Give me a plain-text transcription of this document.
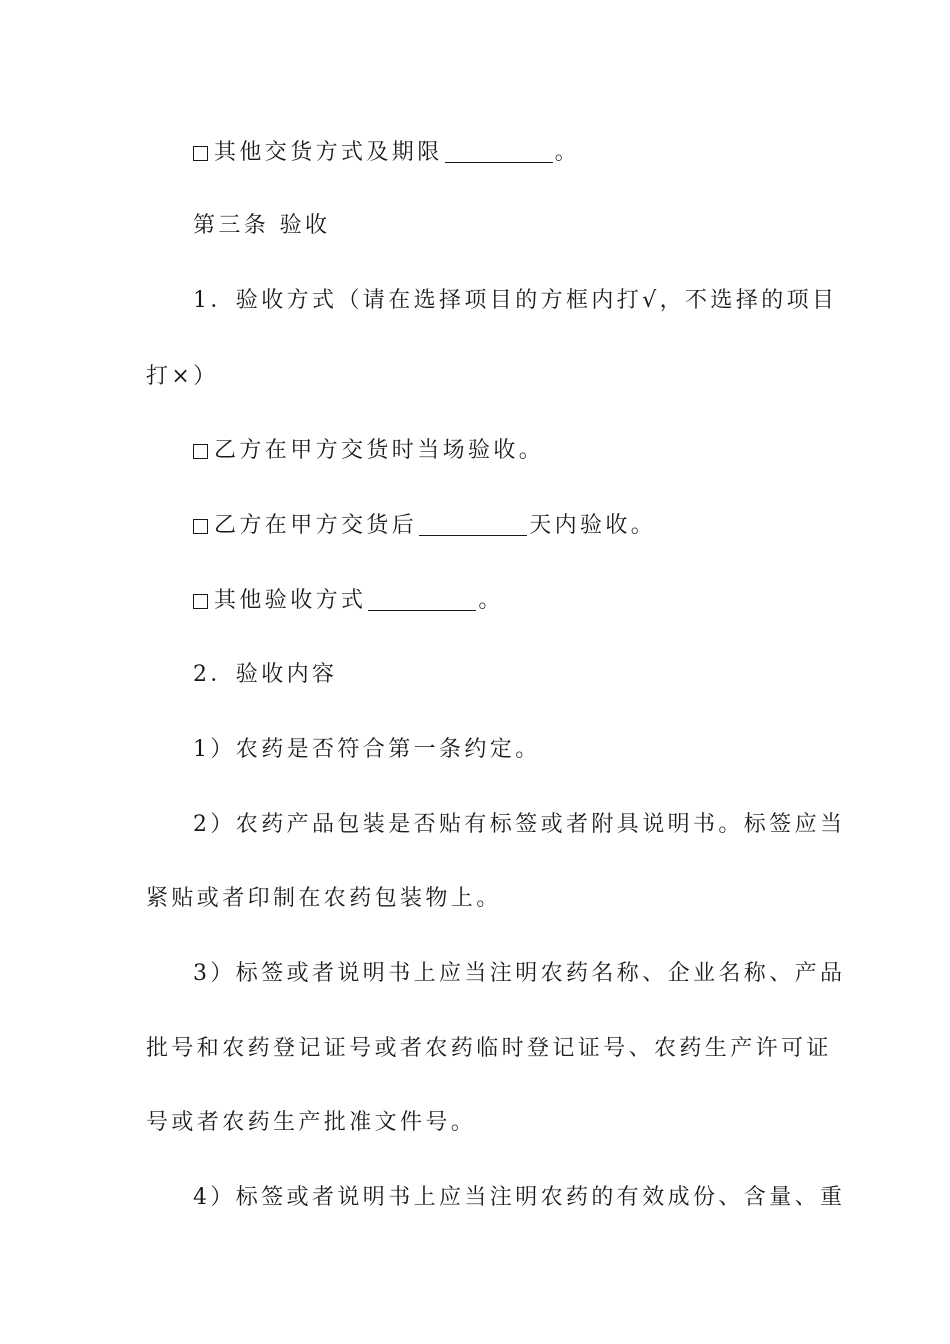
其他交货方式及期限	。
第三条 验收
1．验收方式（请在选择项目的方框内打√，不选择的项目
打×）
乙方在甲方交货时当场验收。
乙方在甲方交货后	天内验收。
其他验收方式	。
2．验收内容
1）农药是否符合第一条约定。
2）农药产品包装是否贴有标签或者附具说明书。标签应当
紧贴或者印制在农药包装物上。
3）标签或者说明书上应当注明农药名称、企业名称、产品
批号和农药登记证号或者农药临时登记证号、农药生产许可证
号或者农药生产批准文件号。
4）标签或者说明书上应当注明农药的有效成份、含量、重
